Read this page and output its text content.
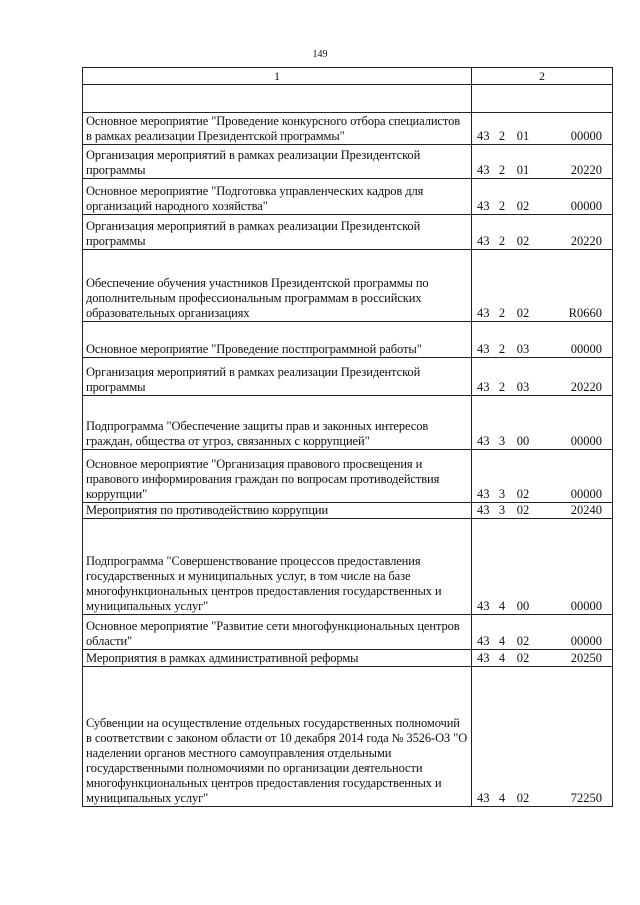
149
1	2

Основное мероприятие "Проведение конкурсного отбора специалистов в рамках реализации Президентской программы"	43 2 01 00000
Организация мероприятий в рамках реализации Президентской программы	43 2 01 20220
Основное мероприятие "Подготовка управленческих кадров для организаций народного хозяйства"	43 2 02 00000
Организация мероприятий в рамках реализации Президентской программы	43 2 02 20220
Обеспечение обучения участников Президентской программы по дополнительным профессиональным программам в российских образовательных организациях	43 2 02 R0660
Основное мероприятие "Проведение постпрограммной работы"	43 2 03 00000
Организация мероприятий в рамках реализации Президентской программы	43 2 03 20220
Подпрограмма "Обеспечение защиты прав и законных интересов граждан, общества от угроз, связанных с коррупцией"	43 3 00 00000
Основное мероприятие "Организация правового просвещения и правового информирования граждан по вопросам противодействия коррупции"	43 3 02 00000
Мероприятия по противодействию коррупции	43 3 02 20240
Подпрограмма "Совершенствование процессов предоставления государственных и муниципальных услуг, в том числе на базе многофункциональных центров предоставления государственных и муниципальных услуг"	43 4 00 00000
Основное мероприятие "Развитие сети многофункциональных центров области"	43 4 02 00000
Мероприятия в рамках административной реформы	43 4 02 20250
Субвенции на осуществление отдельных государственных полномочий в соответствии с законом области от 10 декабря 2014 года № 3526-ОЗ "О наделении органов местного самоуправления отдельными государственными полномочиями по организации деятельности многофункциональных центров предоставления государственных и муниципальных услуг"	43 4 02 72250
